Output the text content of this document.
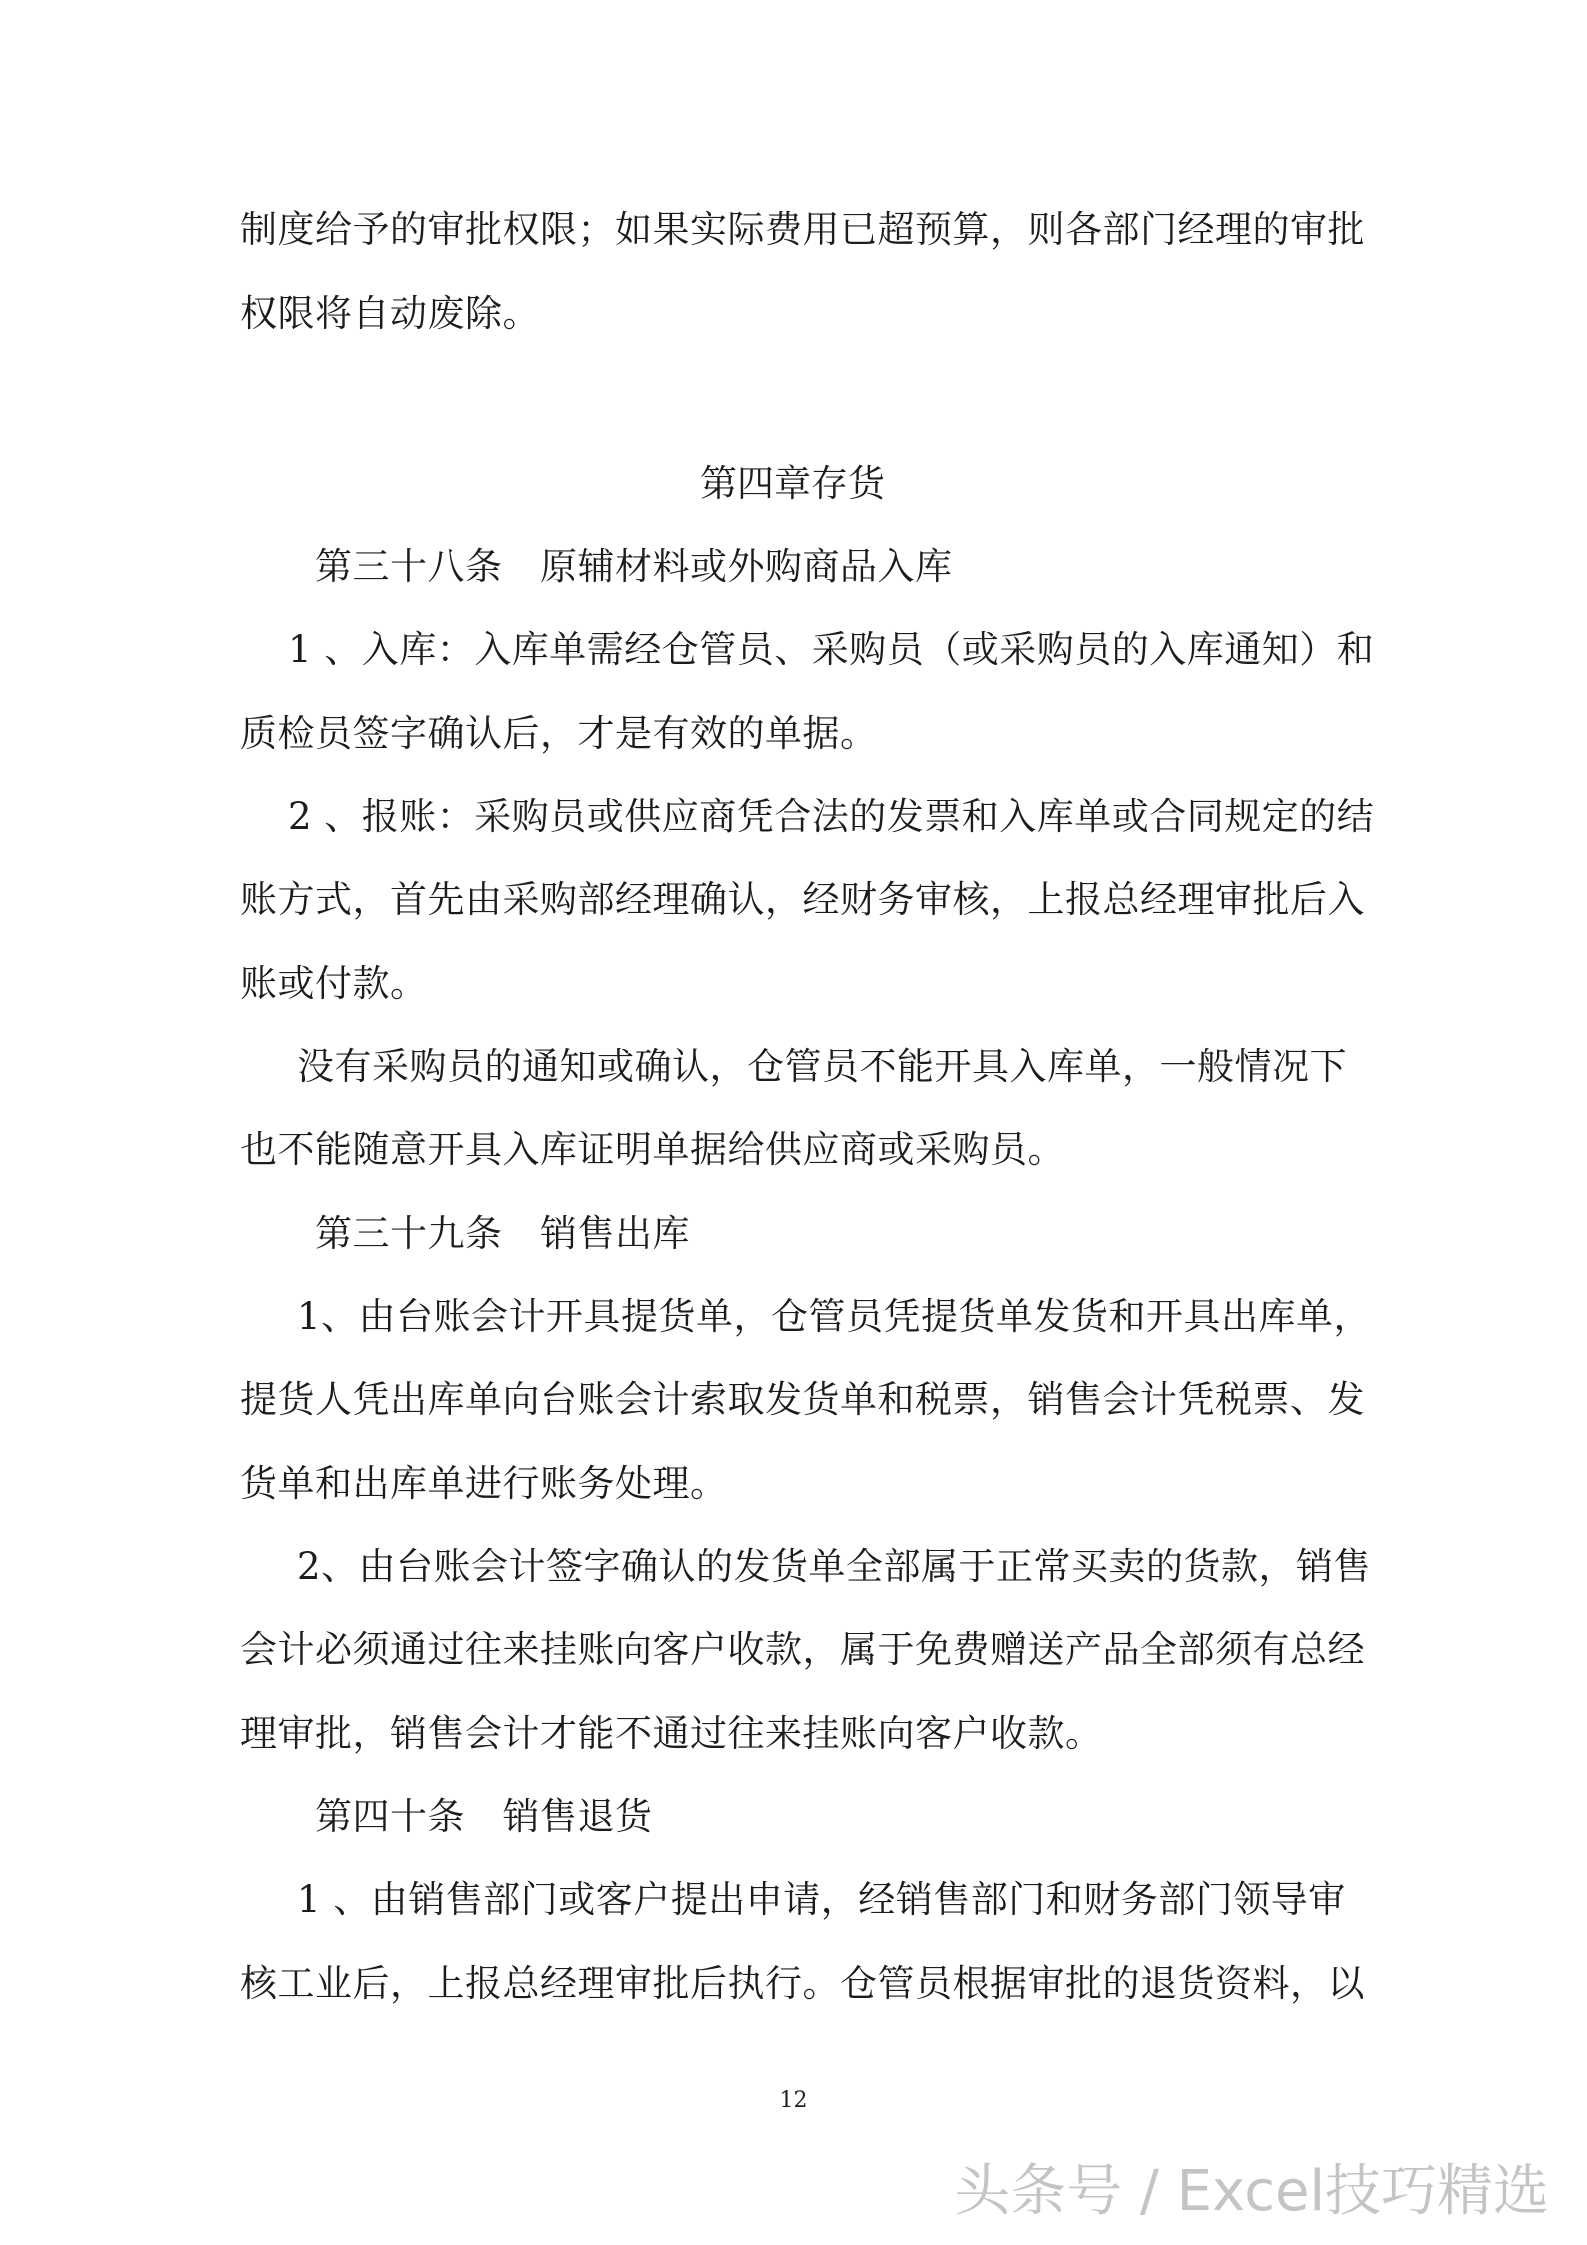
制度给予的审批权限；如果实际费用已超预算，则各部门经理的审批
权限将自动废除。
第四章存货
第三十八条　原辅材料或外购商品入库
1 、入库：入库单需经仓管员、采购员（或采购员的入库通知）和
质检员签字确认后，才是有效的单据。
2 、报账：采购员或供应商凭合法的发票和入库单或合同规定的结
账方式，首先由采购部经理确认，经财务审核，上报总经理审批后入
账或付款。
没有采购员的通知或确认，仓管员不能开具入库单，一般情况下
也不能随意开具入库证明单据给供应商或采购员。
第三十九条　销售出库
1、由台账会计开具提货单，仓管员凭提货单发货和开具出库单，
提货人凭出库单向台账会计索取发货单和税票，销售会计凭税票、发
货单和出库单进行账务处理。
2、由台账会计签字确认的发货单全部属于正常买卖的货款，销售
会计必须通过往来挂账向客户收款，属于免费赠送产品全部须有总经
理审批，销售会计才能不通过往来挂账向客户收款。
第四十条　销售退货
1 、由销售部门或客户提出申请，经销售部门和财务部门领导审
核工业后，上报总经理审批后执行。仓管员根据审批的退货资料，以
12
头条号 / Excel技巧精选
